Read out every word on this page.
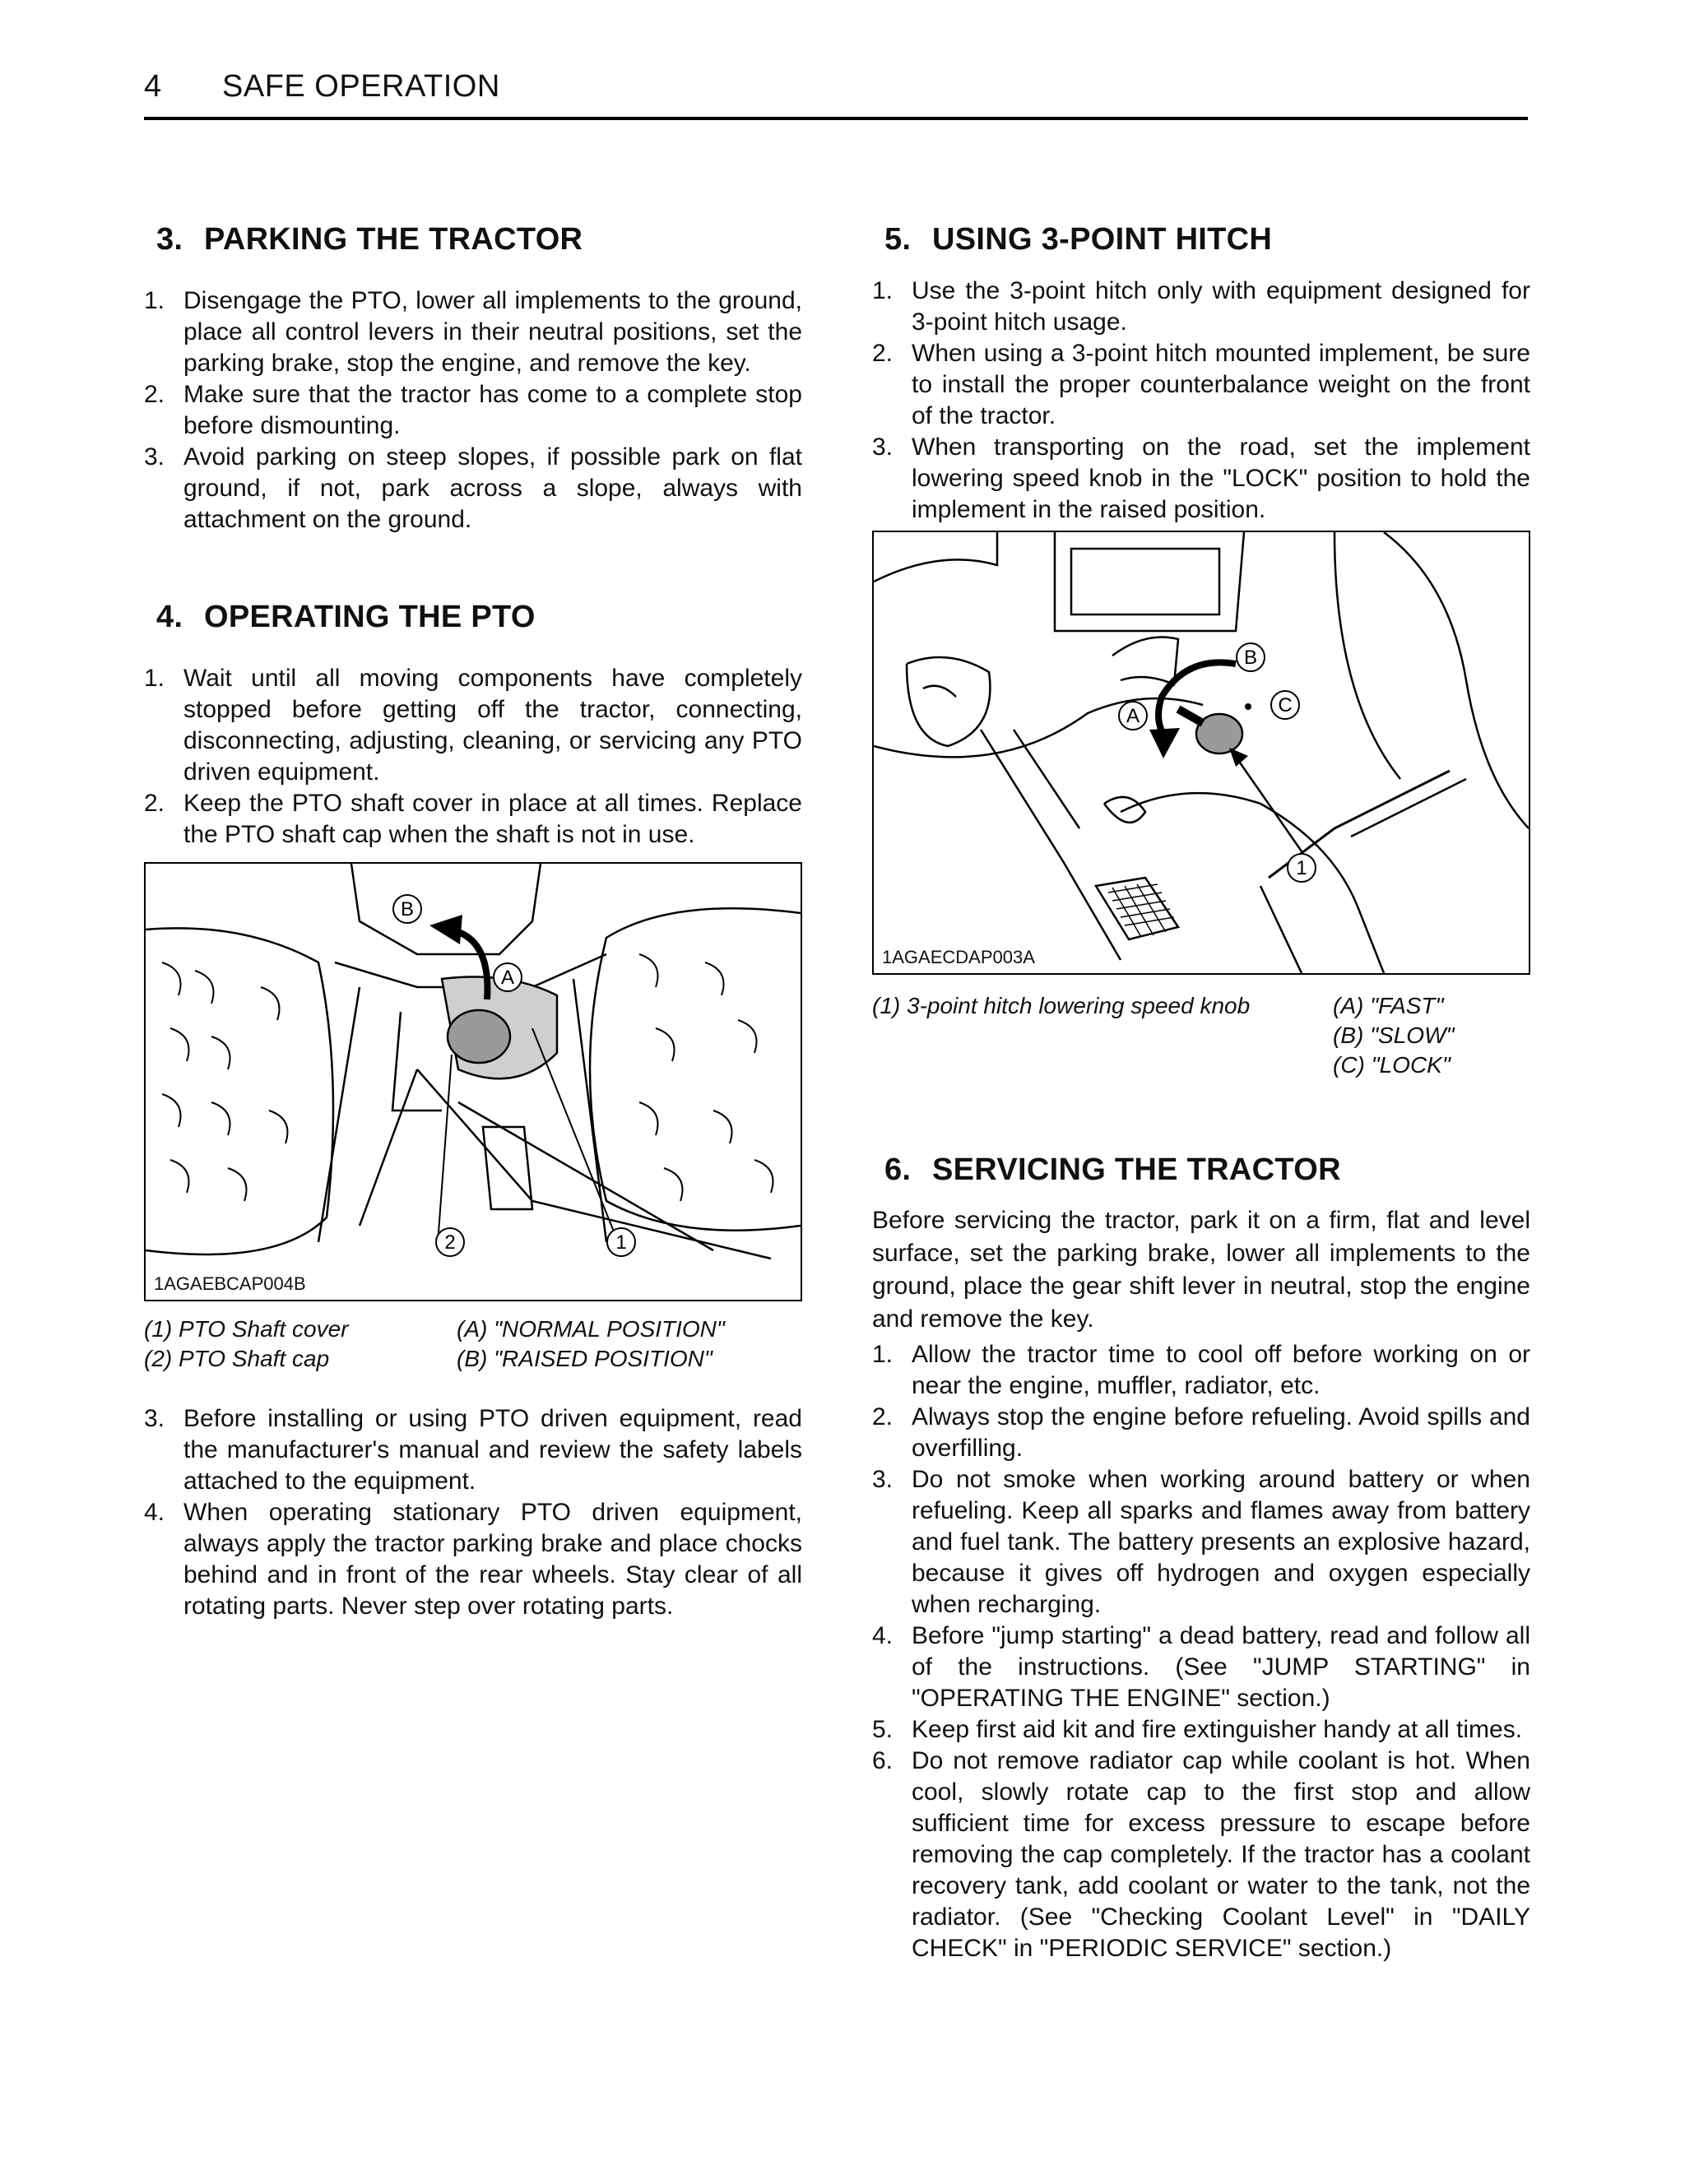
4 SAFE OPERATION
3. PARKING THE TRACTOR
1. Disengage the PTO, lower all implements to the ground, place all control levers in their neutral positions, set the parking brake, stop the engine, and remove the key.
2. Make sure that the tractor has come to a complete stop before dismounting.
3. Avoid parking on steep slopes, if possible park on flat ground, if not, park across a slope, always with attachment on the ground.
4. OPERATING THE PTO
1. Wait until all moving components have completely stopped before getting off the tractor, connecting, disconnecting, adjusting, cleaning, or servicing any PTO driven equipment.
2. Keep the PTO shaft cover in place at all times. Replace the PTO shaft cap when the shaft is not in use.
B
A
2	1
1AGAEBCAP004B
(1) PTO Shaft cover	(A) "NORMAL POSITION"
(2) PTO Shaft cap	(B) "RAISED POSITION"
3. Before installing or using PTO driven equipment, read the manufacturer's manual and review the safety labels attached to the equipment.
4. When operating stationary PTO driven equipment, always apply the tractor parking brake and place chocks behind and in front of the rear wheels. Stay clear of all rotating parts. Never step over rotating parts.
5. USING 3-POINT HITCH
1. Use the 3-point hitch only with equipment designed for 3-point hitch usage.
2. When using a 3-point hitch mounted implement, be sure to install the proper counterbalance weight on the front of the tractor.
3. When transporting on the road, set the implement lowering speed knob in the "LOCK" position to hold the implement in the raised position.
A
B
C
1
1AGAECDAP003A
(1) 3-point hitch lowering speed knob	(A) "FAST"
(B) "SLOW"
(C) "LOCK"
6. SERVICING THE TRACTOR

Before servicing the tractor, park it on a firm, flat and level surface, set the parking brake, lower all implements to the ground, place the gear shift lever in neutral, stop the engine and remove the key.

1. Allow the tractor time to cool off before working on or near the engine, muffler, radiator, etc.
2. Always stop the engine before refueling. Avoid spills and overfilling.
3. Do not smoke when working around battery or when refueling. Keep all sparks and flames away from battery and fuel tank. The battery presents an explosive hazard, because it gives off hydrogen and oxygen especially when recharging.
4. Before "jump starting" a dead battery, read and follow all of the instructions. (See "JUMP STARTING" in "OPERATING THE ENGINE" section.)
5. Keep first aid kit and fire extinguisher handy at all times.
6. Do not remove radiator cap while coolant is hot. When cool, slowly rotate cap to the first stop and allow sufficient time for excess pressure to escape before removing the cap completely. If the tractor has a coolant recovery tank, add coolant or water to the tank, not the radiator. (See "Checking Coolant Level" in "DAILY CHECK" in "PERIODIC SERVICE" section.)
